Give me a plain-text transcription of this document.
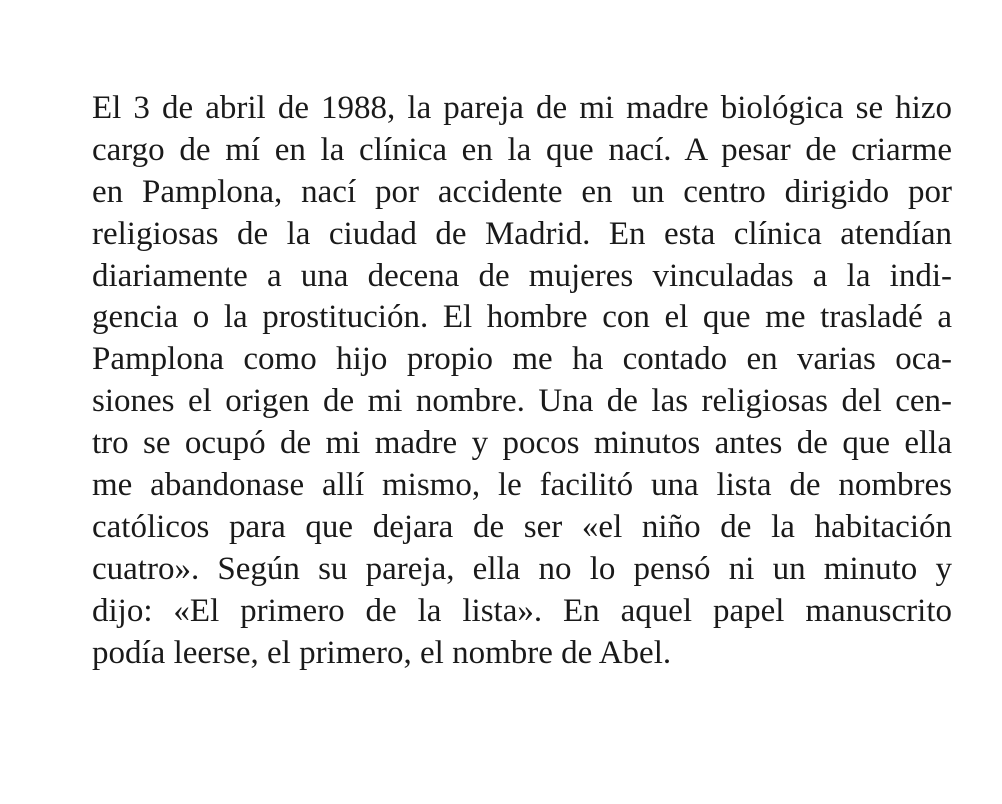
El 3 de abril de 1988, la pareja de mi madre biológica se hizo
cargo de mí en la clínica en la que nací. A pesar de criarme
en Pamplona, nací por accidente en un centro dirigido por
religiosas de la ciudad de Madrid. En esta clínica atendían
diariamente a una decena de mujeres vinculadas a la indi-
gencia o la prostitución. El hombre con el que me trasladé a
Pamplona como hijo propio me ha contado en varias oca-
siones el origen de mi nombre. Una de las religiosas del cen-
tro se ocupó de mi madre y pocos minutos antes de que ella
me abandonase allí mismo, le facilitó una lista de nombres
católicos para que dejara de ser «el niño de la habitación
cuatro». Según su pareja, ella no lo pensó ni un minuto y
dijo: «El primero de la lista». En aquel papel manuscrito
podía leerse, el primero, el nombre de Abel.
